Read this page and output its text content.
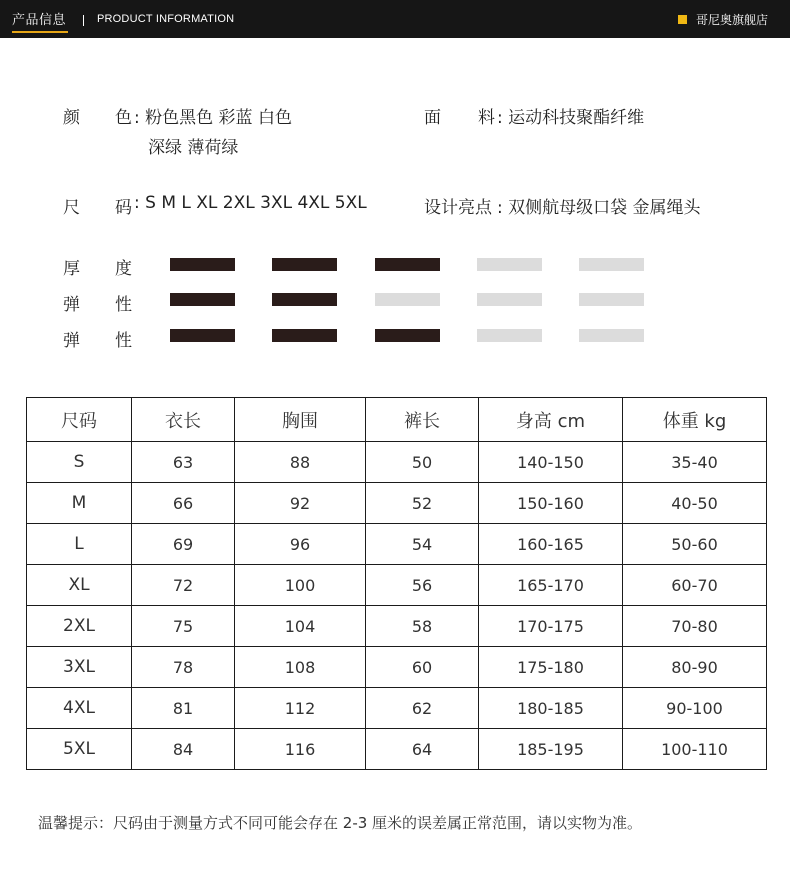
产品信息	PRODUCT INFORMATION	哥尼奥旗舰店
颜 色 : 粉色黑色 彩蓝 白色
深绿 薄荷绿
面 料 : 运动科技聚酯纤维
尺 码 : S M L XL 2XL 3XL 4XL 5XL	设计亮点 : 双侧航母级口袋 金属绳头
厚 度
弹 性
弹 性
尺码	衣长	胸围	裤长	身高 cm	体重 kg
S	63	88	50	140-150	35-40
M	66	92	52	150-160	40-50
L	69	96	54	160-165	50-60
XL	72	100	56	165-170	60-70
2XL	75	104	58	170-175	70-80
3XL	78	108	60	175-180	80-90
4XL	81	112	62	180-185	90-100
5XL	84	116	64	185-195	100-110
温馨提示：尺码由于测量方式不同可能会存在 2-3 厘米的误差属正常范围，请以实物为准。
